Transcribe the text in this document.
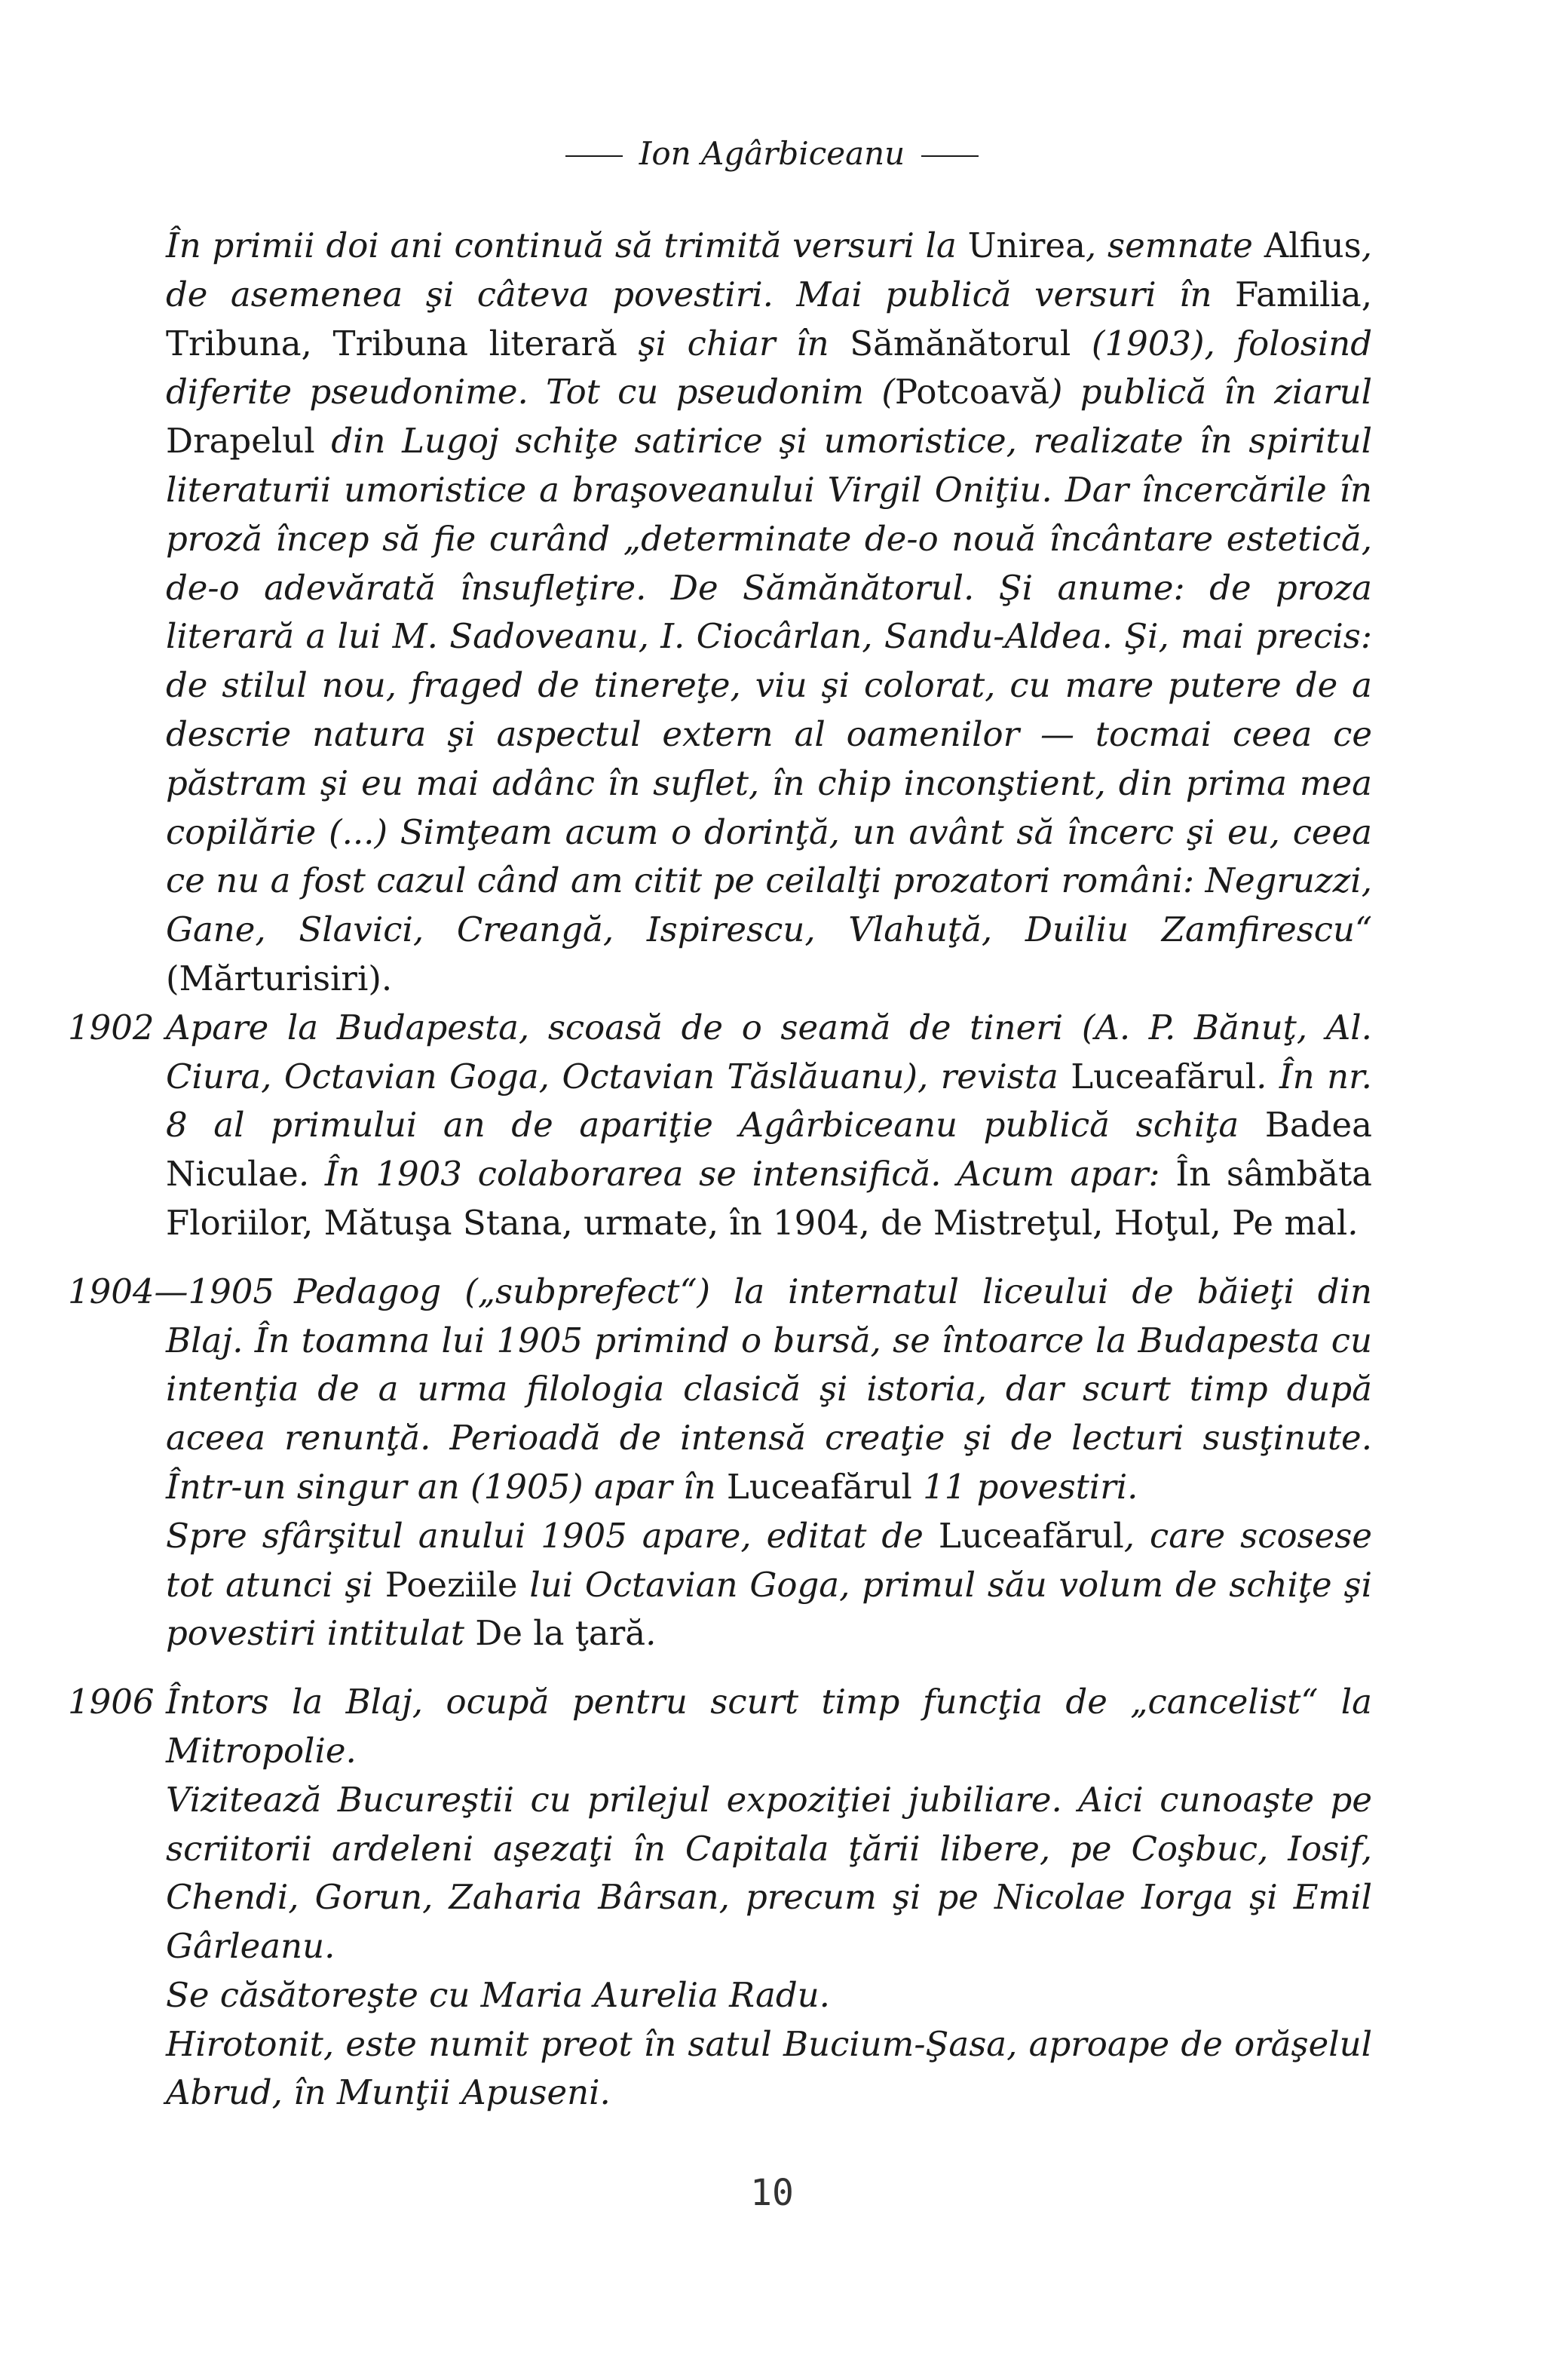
Ion Agârbiceanu

În primii doi ani continuă să trimită versuri la Unirea, semnate Alfius, de asemenea şi câteva povestiri. Mai publică versuri în Familia, Tribuna, Tribuna literară şi chiar în Sămănătorul (1903), folosind diferite pseudonime. Tot cu pseudonim (Potcoavă) publică în ziarul Drapelul din Lugoj schiţe satirice şi umoristice, realizate în spiritul literaturii umoristice a braşoveanului Virgil Oniţiu. Dar încercările în proză încep să fie curând „determinate de-o nouă încântare estetică, de-o adevărată însufleţire. De Sămănătorul. Şi anume: de proza literară a lui M. Sadoveanu, I. Ciocârlan, Sandu-Aldea. Şi, mai precis: de stilul nou, fraged de tinereţe, viu şi colorat, cu mare putere de a descrie natura şi aspectul extern al oamenilor — tocmai ceea ce păstram şi eu mai adânc în suflet, în chip inconştient, din prima mea copilărie (...) Simţeam acum o dorinţă, un avânt să încerc şi eu, ceea ce nu a fost cazul când am citit pe ceilalţi prozatori români: Negruzzi, Gane, Slavici, Creangă, Ispirescu, Vlahuţă, Duiliu Zamfirescu“ (Mărturisiri).

1902 Apare la Budapesta, scoasă de o seamă de tineri (A. P. Bănuţ, Al. Ciura, Octavian Goga, Octavian Tăslăuanu), revista Luceafărul. În nr. 8 al primului an de apariţie Agârbiceanu publică schiţa Badea Niculae. În 1903 colaborarea se intensifică. Acum apar: În sâmbăta Floriilor, Mătuşa Stana, urmate, în 1904, de Mistreţul, Hoţul, Pe mal.

1904—1905 Pedagog („subprefect“) la internatul liceului de băieţi din Blaj. În toamna lui 1905 primind o bursă, se întoarce la Budapesta cu intenţia de a urma filologia clasică şi istoria, dar scurt timp după aceea renunţă. Perioadă de intensă creaţie şi de lecturi susţinute. Într-un singur an (1905) apar în Luceafărul 11 povestiri.

Spre sfârşitul anului 1905 apare, editat de Luceafărul, care scosese tot atunci şi Poeziile lui Octavian Goga, primul său volum de schiţe şi povestiri intitulat De la ţară.

1906 Întors la Blaj, ocupă pentru scurt timp funcţia de „cancelist“ la Mitropolie.

Vizitează Bucureştii cu prilejul expoziţiei jubiliare. Aici cunoaşte pe scriitorii ardeleni aşezaţi în Capitala ţării libere, pe Coşbuc, Iosif, Chendi, Gorun, Zaharia Bârsan, precum şi pe Nicolae Iorga şi Emil Gârleanu.

Se căsătoreşte cu Maria Aurelia Radu.

Hirotonit, este numit preot în satul Bucium-Şasa, aproape de orăşelul Abrud, în Munţii Apuseni.

10
